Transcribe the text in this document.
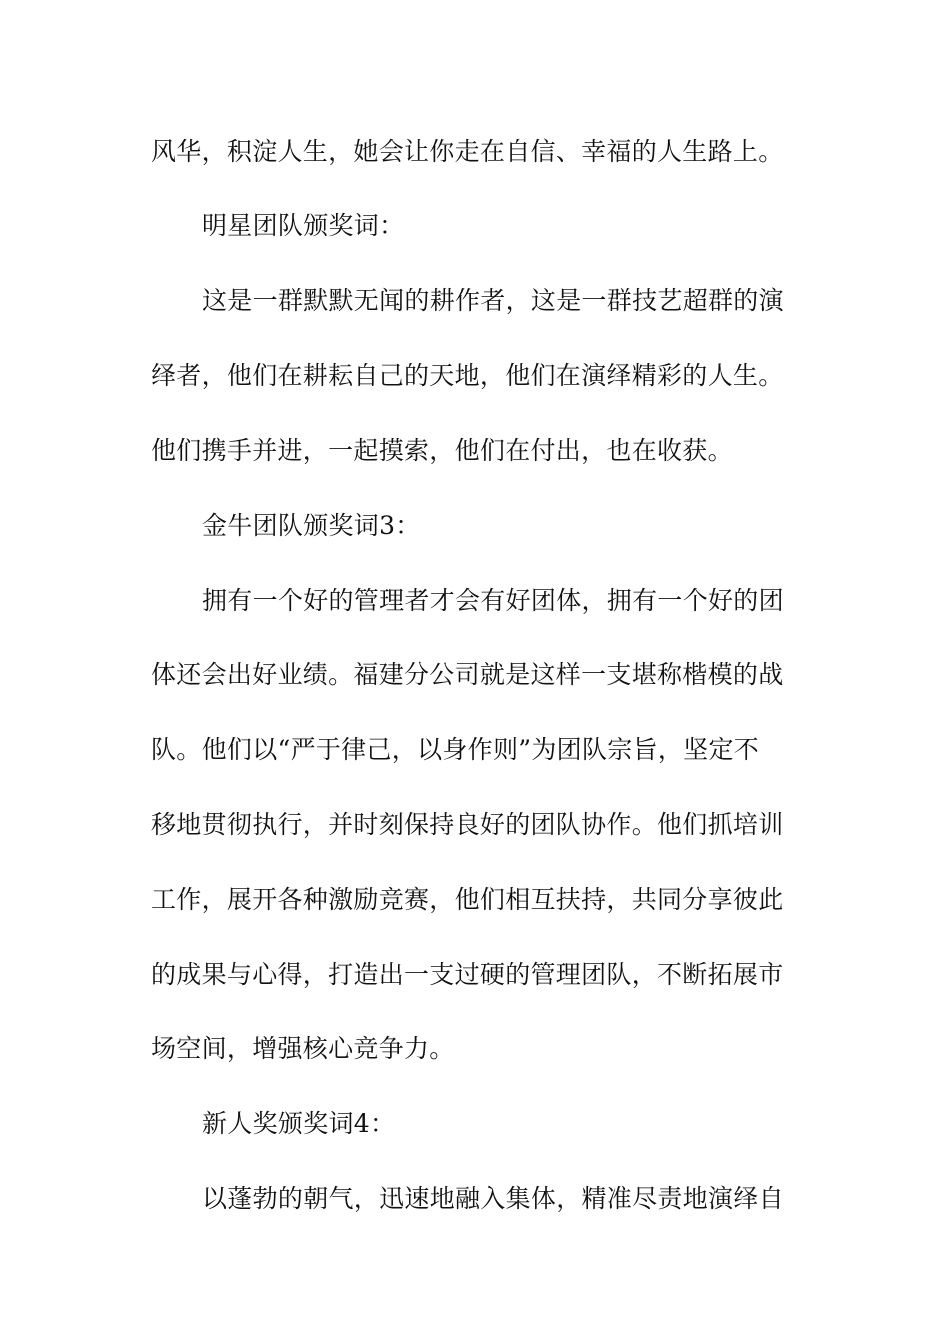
风华，积淀人生，她会让你走在自信、幸福的人生路上。
明星团队颁奖词：
这是一群默默无闻的耕作者，这是一群技艺超群的演
绎者，他们在耕耘自己的天地，他们在演绎精彩的人生。
他们携手并进，一起摸索，他们在付出，也在收获。
金牛团队颁奖词3：
拥有一个好的管理者才会有好团体，拥有一个好的团
体还会出好业绩。福建分公司就是这样一支堪称楷模的战
队。他们以“严于律己，以身作则”为团队宗旨，坚定不
移地贯彻执行，并时刻保持良好的团队协作。他们抓培训
工作，展开各种激励竞赛，他们相互扶持，共同分享彼此
的成果与心得，打造出一支过硬的管理团队，不断拓展市
场空间，增强核心竞争力。
新人奖颁奖词4：
以蓬勃的朝气，迅速地融入集体，精准尽责地演绎自
